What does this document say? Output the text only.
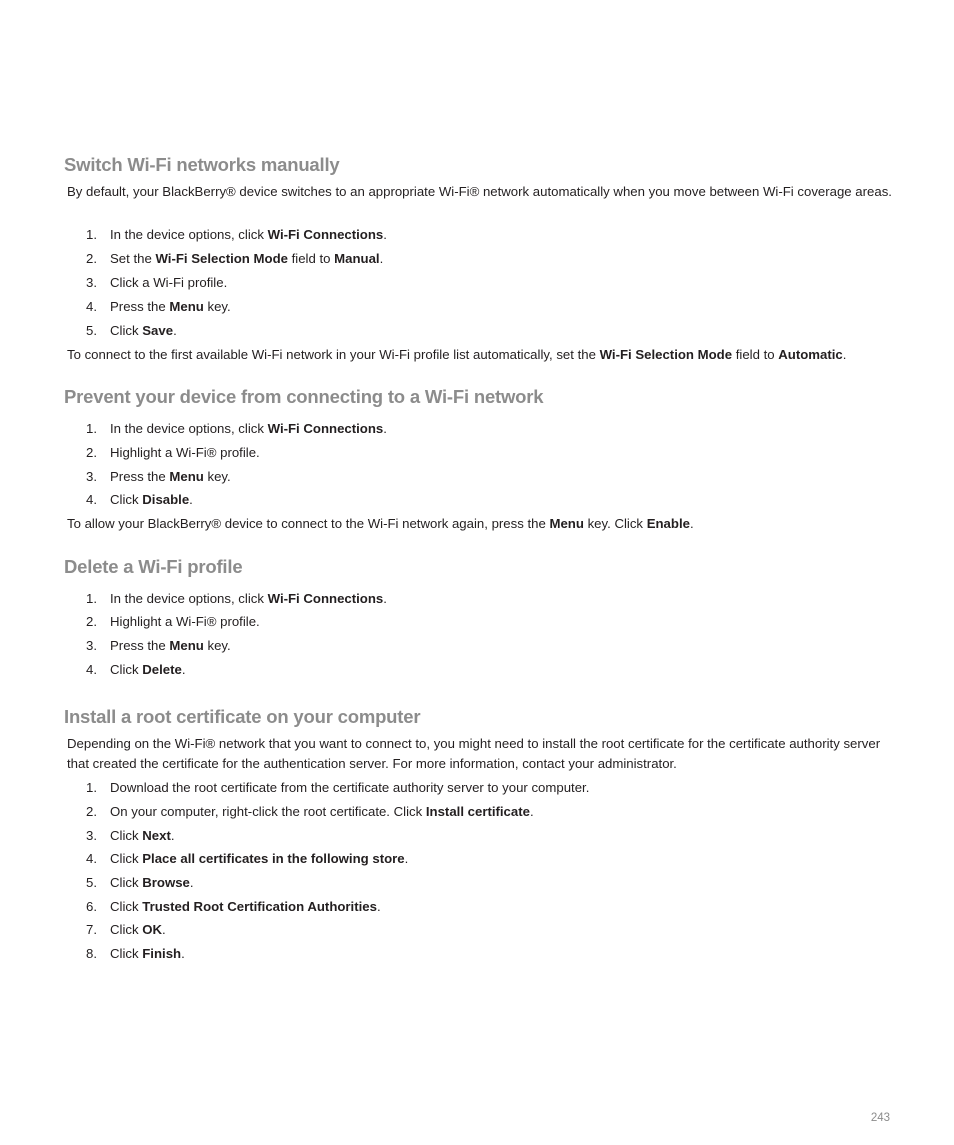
Switch Wi-Fi networks manually

By default, your BlackBerry® device switches to an appropriate Wi-Fi® network automatically when you move between Wi-Fi coverage areas.

1. In the device options, click Wi-Fi Connections.
2. Set the Wi-Fi Selection Mode field to Manual.
3. Click a Wi-Fi profile.
4. Press the Menu key.
5. Click Save.

To connect to the first available Wi-Fi network in your Wi-Fi profile list automatically, set the Wi-Fi Selection Mode field to Automatic.

Prevent your device from connecting to a Wi-Fi network
1. In the device options, click Wi-Fi Connections.
2. Highlight a Wi-Fi® profile.
3. Press the Menu key.
4. Click Disable.

To allow your BlackBerry® device to connect to the Wi-Fi network again, press the Menu key. Click Enable.

Delete a Wi-Fi profile
1. In the device options, click Wi-Fi Connections.
2. Highlight a Wi-Fi® profile.
3. Press the Menu key.
4. Click Delete.
Install a root certificate on your computer

Depending on the Wi-Fi® network that you want to connect to, you might need to install the root certificate for the certificate authority server that created the certificate for the authentication server. For more information, contact your administrator.

1. Download the root certificate from the certificate authority server to your computer.
2. On your computer, right-click the root certificate. Click Install certificate.
3. Click Next.
4. Click Place all certificates in the following store.
5. Click Browse.
6. Click Trusted Root Certification Authorities.
7. Click OK.
8. Click Finish.
243
